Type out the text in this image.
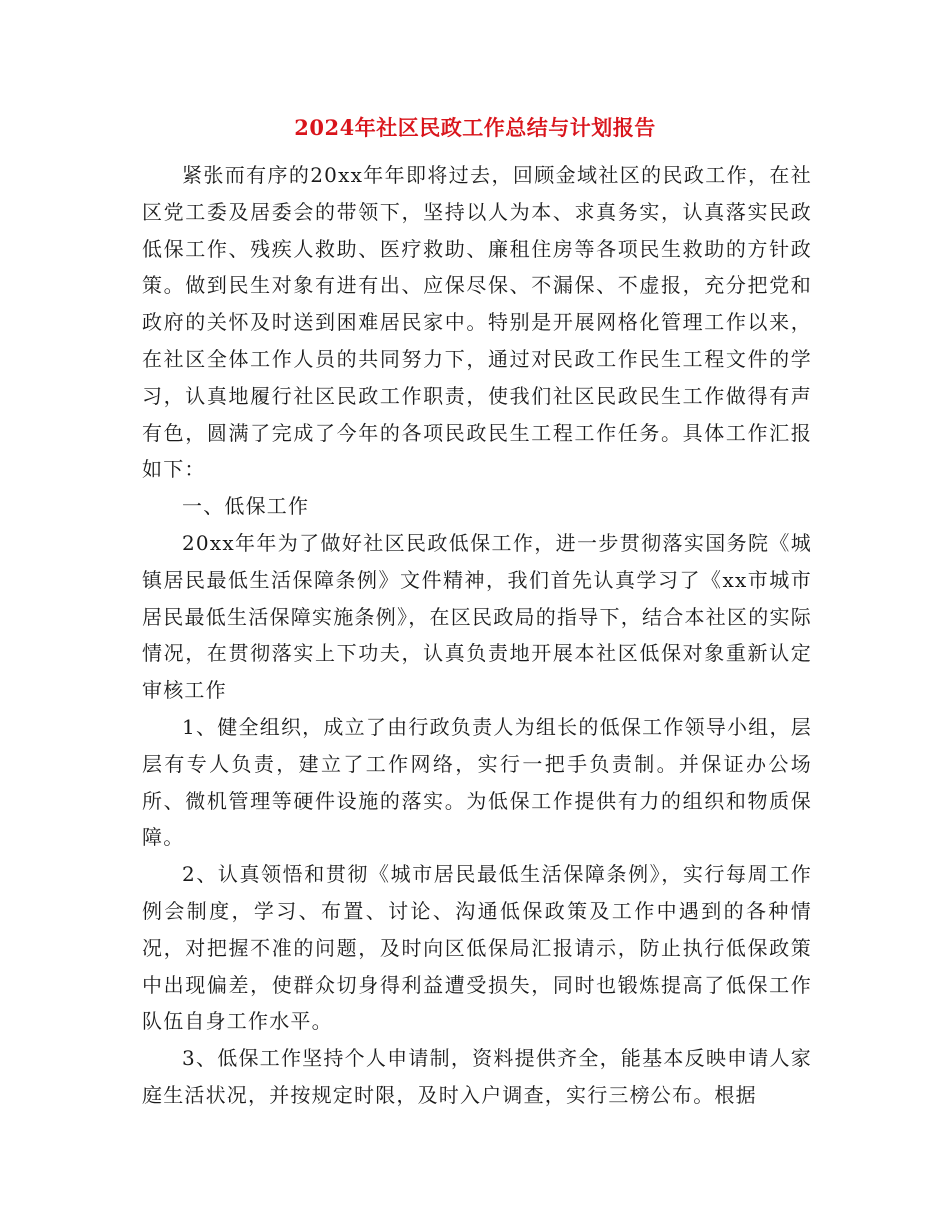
2024年社区民政工作总结与计划报告

紧张而有序的20xx年年即将过去，回顾金域社区的民政工作，在社区党工委及居委会的带领下，坚持以人为本、求真务实，认真落实民政低保工作、残疾人救助、医疗救助、廉租住房等各项民生救助的方针政策。做到民生对象有进有出、应保尽保、不漏保、不虚报，充分把党和政府的关怀及时送到困难居民家中。特别是开展网格化管理工作以来，在社区全体工作人员的共同努力下，通过对民政工作民生工程文件的学习，认真地履行社区民政工作职责，使我们社区民政民生工作做得有声有色，圆满了完成了今年的各项民政民生工程工作任务。具体工作汇报如下：

一、低保工作

20xx年年为了做好社区民政低保工作，进一步贯彻落实国务院《城镇居民最低生活保障条例》文件精神，我们首先认真学习了《xx市城市居民最低生活保障实施条例》，在区民政局的指导下，结合本社区的实际情况，在贯彻落实上下功夫，认真负责地开展本社区低保对象重新认定审核工作

1、健全组织，成立了由行政负责人为组长的低保工作领导小组，层层有专人负责，建立了工作网络，实行一把手负责制。并保证办公场所、微机管理等硬件设施的落实。为低保工作提供有力的组织和物质保障。

2、认真领悟和贯彻《城市居民最低生活保障条例》，实行每周工作例会制度，学习、布置、讨论、沟通低保政策及工作中遇到的各种情况，对把握不准的问题，及时向区低保局汇报请示，防止执行低保政策中出现偏差，使群众切身得利益遭受损失，同时也锻炼提高了低保工作队伍自身工作水平。

3、低保工作坚持个人申请制，资料提供齐全，能基本反映申请人家庭生活状况，并按规定时限，及时入户调查，实行三榜公布。根据
